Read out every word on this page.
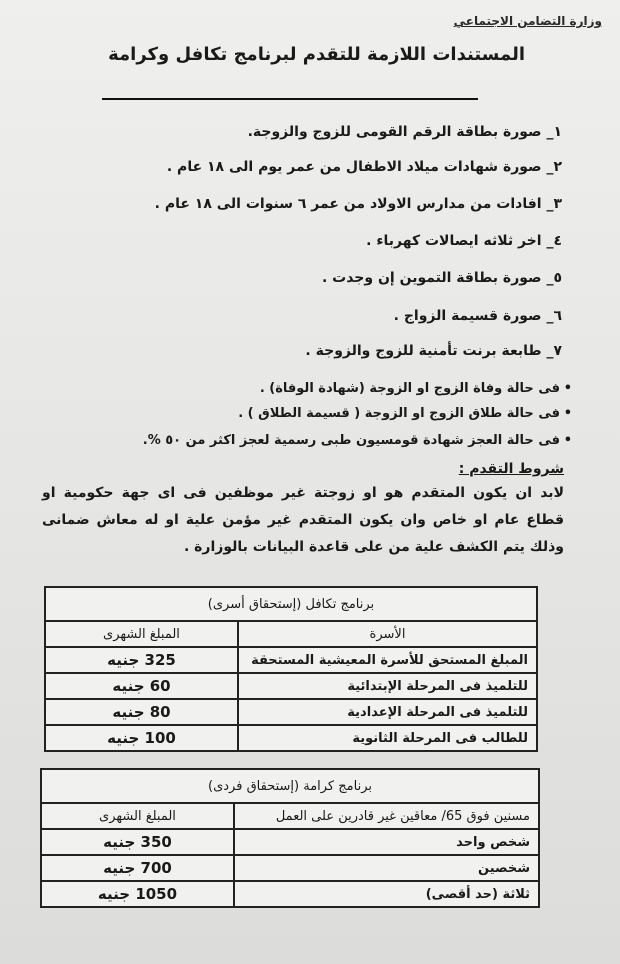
وزارة التضامن الاجتماعي
المستندات اللازمة للتقدم لبرنامج تكافل وكرامة
١_ صورة بطاقة الرقم القومى للزوج والزوجة.
٢_ صورة شهادات ميلاد الاطفال من عمر يوم الى ١٨ عام .
٣_ افادات من مدارس الاولاد من عمر ٦ سنوات الى ١٨ عام .
٤_ اخر ثلاثه ايصالات كهرباء .
٥_ صورة بطاقة التموين إن وجدت .
٦_ صورة قسيمة الزواج .
٧_ طابعة برنت تأمنية للزوج والزوجة .
• فى حالة وفاة الزوج او الزوجة (شهادة الوفاة) .
• فى حالة طلاق الزوج او الزوجة ( قسيمة الطلاق ) .
• فى حالة العجز شهادة قومسيون طبى رسمية لعجز اكثر من ٥٠ %.
شروط التقدم :
لابد ان يكون المتقدم هو او زوجتة غير موظفين فى اى جهة حكومية او قطاع عام او خاص وان يكون المتقدم غير مؤمن علية او له معاش ضمانى وذلك يتم الكشف علية من على قاعدة البيانات بالوزارة .
برنامج تكافل (إستحقاق أسرى)	
الأسرة	المبلغ الشهرى
المبلغ المستحق للأسرة المعيشية المستحقة	325 جنيه
للتلميذ فى المرحلة الإبتدائية	60 جنيه
للتلميذ فى المرحلة الإعدادية	80 جنيه
للطالب فى المرحلة الثانوية	100 جنيه
برنامج كرامة (إستحقاق فردى)	
مسنين فوق 65/ معاقين غير قادرين على العمل	المبلغ الشهرى
شخص واحد	350 جنيه
شخصين	700 جنيه
ثلاثة (حد أقصى)	1050 جنيه
